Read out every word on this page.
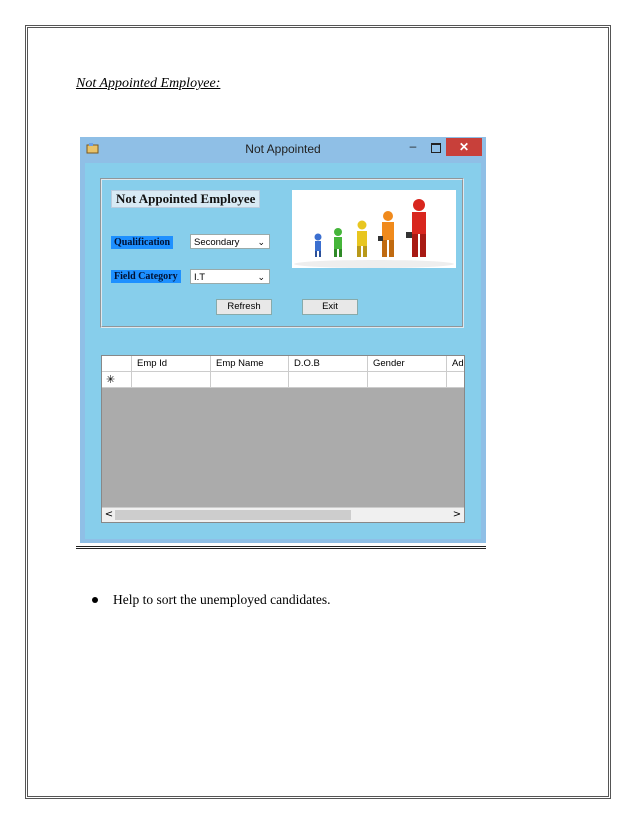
Not Appointed Employee:
Not Appointed	–	✕
Not Appointed Employee
Qualification	Secondary ⌄
Field Category	I.T	⌄
Refresh	Exit
Emp Id	Emp Name	D.O.B	Gender	Ad
✳
<	>
Help to sort the unemployed candidates.
